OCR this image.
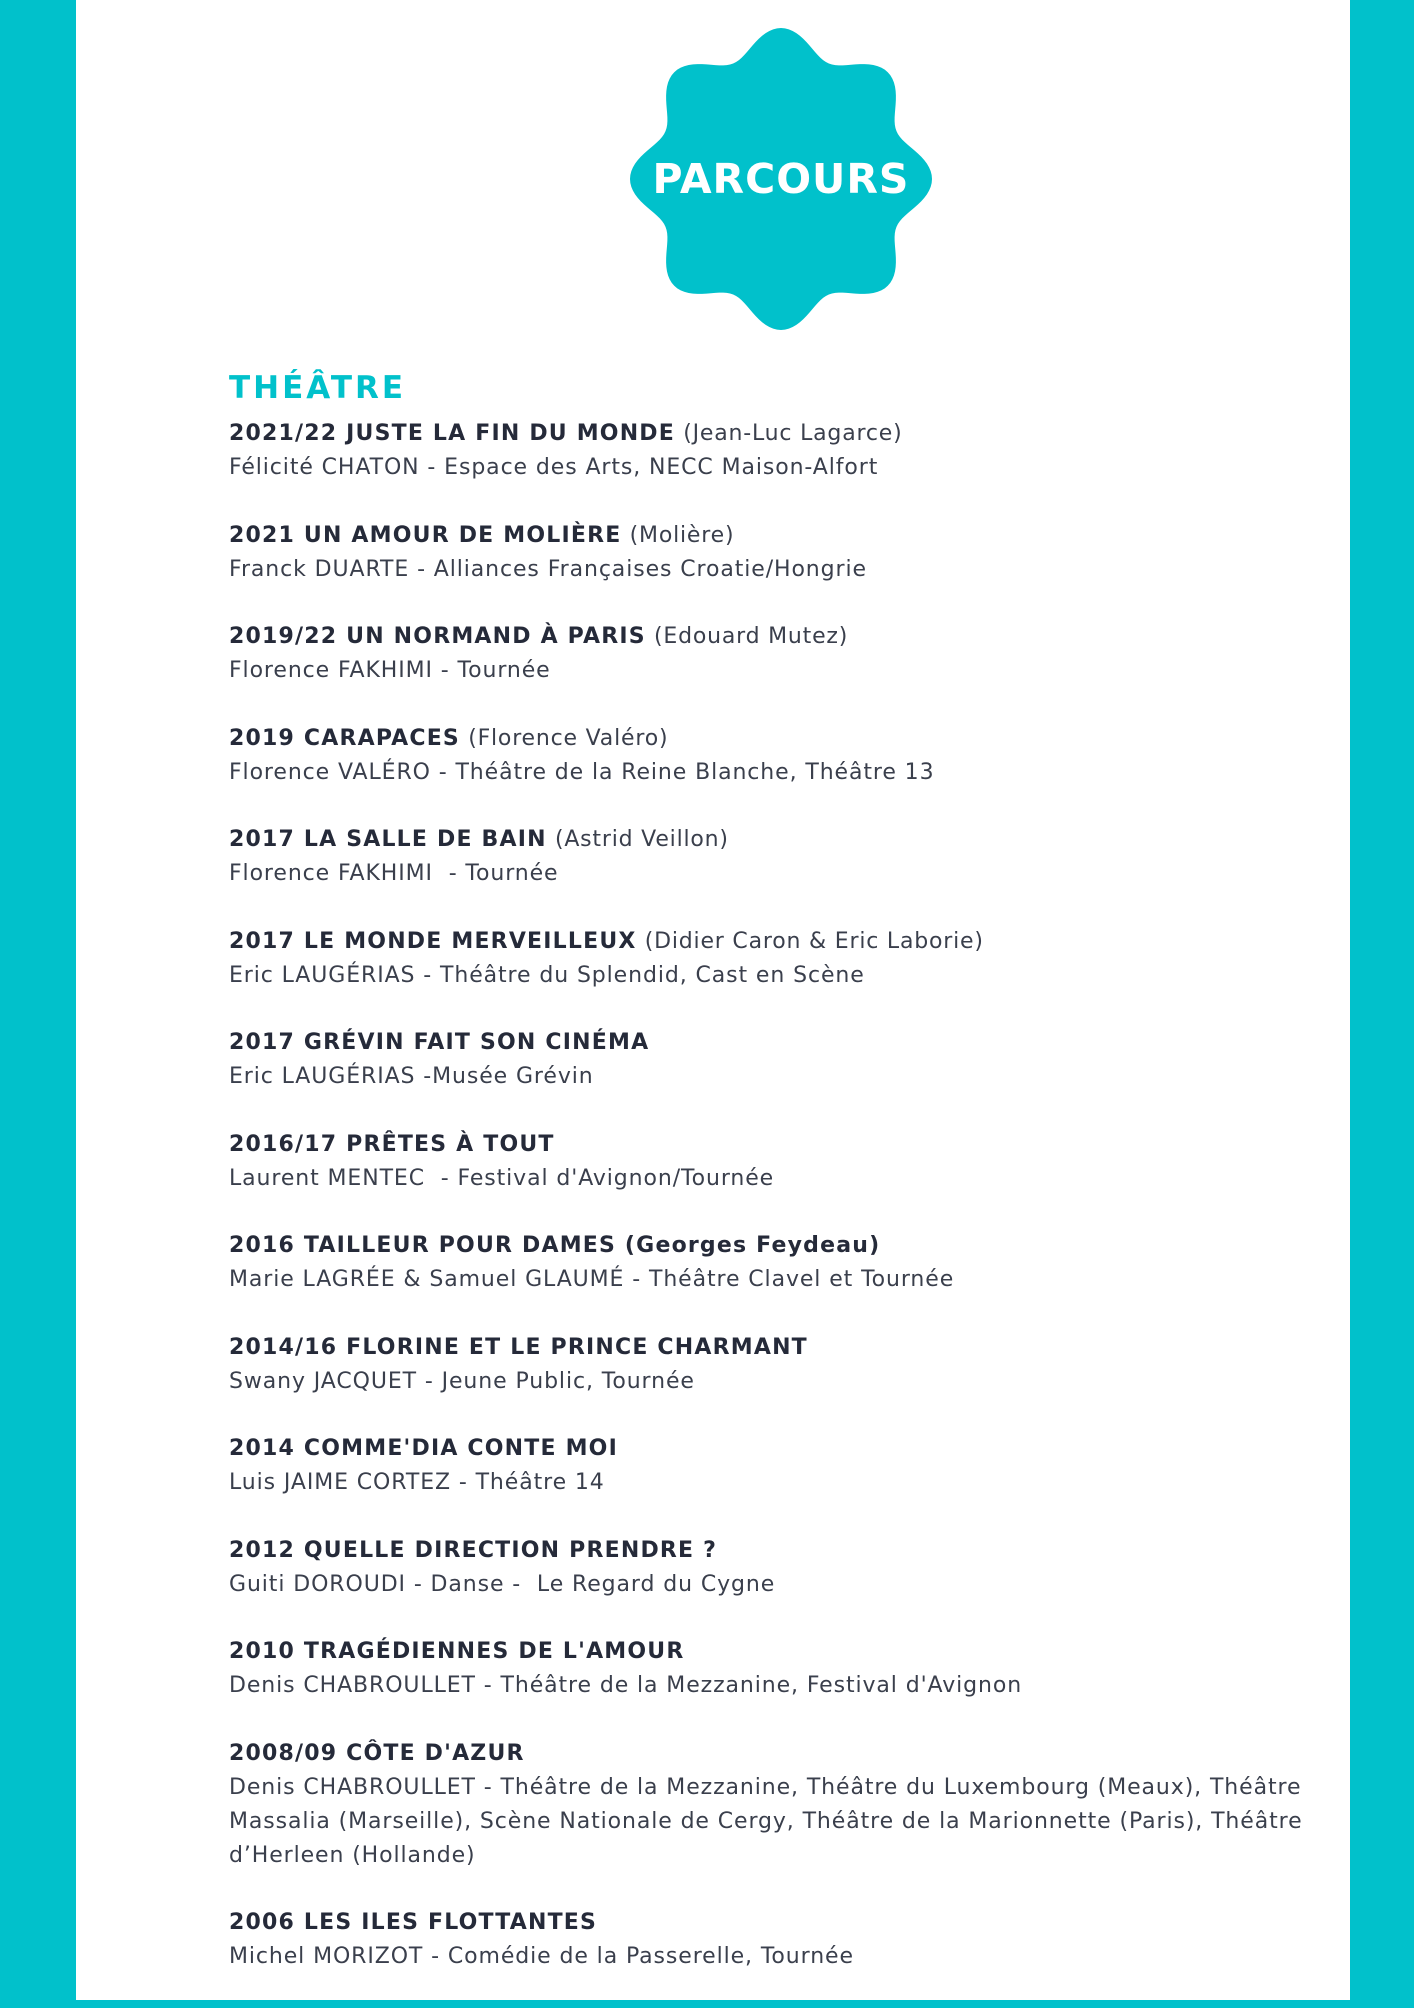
PARCOURS
THÉÂTRE
2021/22 JUSTE LA FIN DU MONDE (Jean-Luc Lagarce)
Félicité CHATON - Espace des Arts, NECC Maison-Alfort
2021 UN AMOUR DE MOLIÈRE (Molière)
Franck DUARTE - Alliances Françaises Croatie/Hongrie
2019/22 UN NORMAND À PARIS (Edouard Mutez)
Florence FAKHIMI - Tournée
2019 CARAPACES (Florence Valéro)
Florence VALÉRO - Théâtre de la Reine Blanche, Théâtre 13
2017 LA SALLE DE BAIN (Astrid Veillon)
Florence FAKHIMI  - Tournée
2017 LE MONDE MERVEILLEUX (Didier Caron & Eric Laborie)
Eric LAUGÉRIAS - Théâtre du Splendid, Cast en Scène
2017 GRÉVIN FAIT SON CINÉMA
Eric LAUGÉRIAS -Musée Grévin
2016/17 PRÊTES À TOUT
Laurent MENTEC  - Festival d'Avignon/Tournée
2016 TAILLEUR POUR DAMES (Georges Feydeau)
Marie LAGRÉE & Samuel GLAUMÉ - Théâtre Clavel et Tournée
2014/16 FLORINE ET LE PRINCE CHARMANT
Swany JACQUET - Jeune Public, Tournée
2014 COMME'DIA CONTE MOI
Luis JAIME CORTEZ - Théâtre 14
2012 QUELLE DIRECTION PRENDRE ?
Guiti DOROUDI - Danse -  Le Regard du Cygne
2010 TRAGÉDIENNES DE L'AMOUR
Denis CHABROULLET - Théâtre de la Mezzanine, Festival d'Avignon
2008/09 CÔTE D'AZUR
Denis CHABROULLET - Théâtre de la Mezzanine, Théâtre du Luxembourg (Meaux), Théâtre
Massalia (Marseille), Scène Nationale de Cergy, Théâtre de la Marionnette (Paris), Théâtre
d’Herleen (Hollande)
2006 LES ILES FLOTTANTES
Michel MORIZOT - Comédie de la Passerelle, Tournée
